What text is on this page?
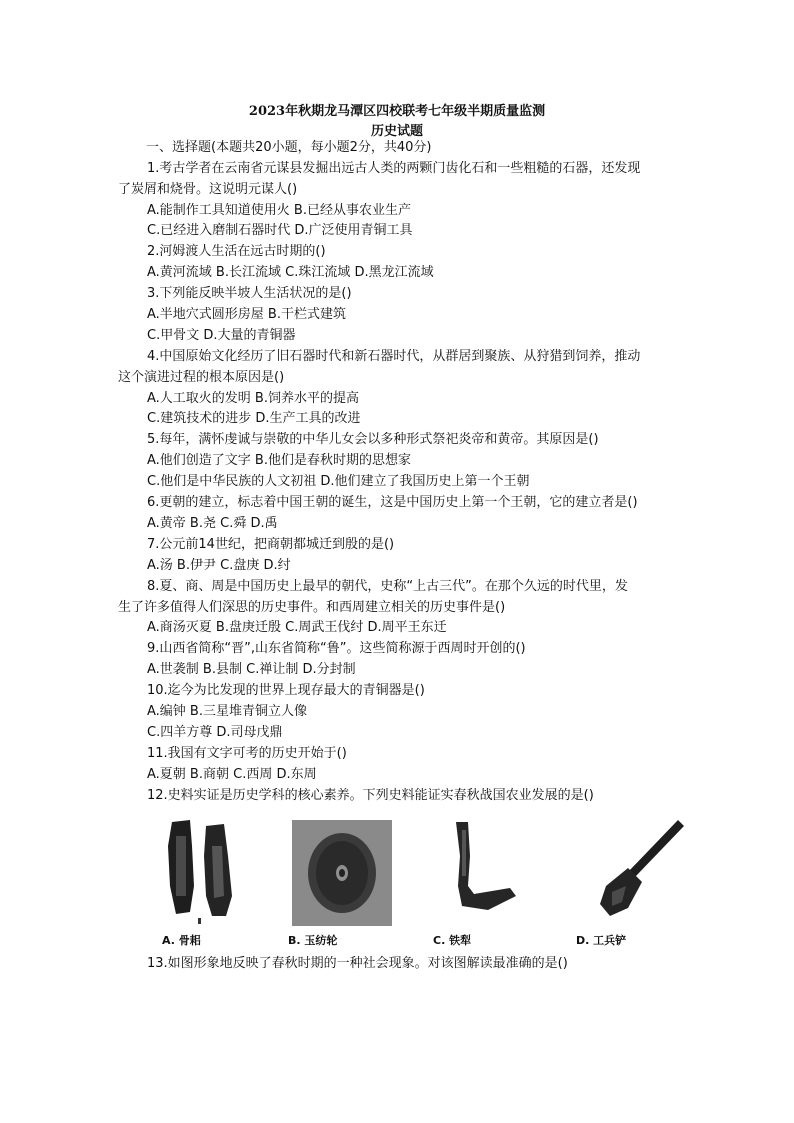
2023年秋期龙马潭区四校联考七年级半期质量监测
历史试题
一、选择题(本题共20小题，每小题2分，共40分)
1.考古学者在云南省元谋县发掘出远古人类的两颗门齿化石和一些粗糙的石器，还发现
了炭屑和烧骨。这说明元谋人()
A.能制作工具知道使用火 B.已经从事农业生产
C.已经进入磨制石器时代 D.广泛使用青铜工具
2.河姆渡人生活在远古时期的()
A.黄河流域 B.长江流域 C.珠江流域 D.黑龙江流域
3.下列能反映半坡人生活状况的是()
A.半地穴式圆形房屋 B.干栏式建筑
C.甲骨文 D.大量的青铜器
4.中国原始文化经历了旧石器时代和新石器时代，从群居到聚族、从狩猎到饲养，推动
这个演进过程的根本原因是()
A.人工取火的发明 B.饲养水平的提高
C.建筑技术的进步 D.生产工具的改进
5.每年，满怀虔诚与崇敬的中华儿女会以多种形式祭祀炎帝和黄帝。其原因是()
A.他们创造了文字 B.他们是春秋时期的思想家
C.他们是中华民族的人文初祖 D.他们建立了我国历史上第一个王朝
6.更朝的建立，标志着中国王朝的诞生，这是中国历史上第一个王朝，它的建立者是()
A.黄帝 B.尧 C.舜 D.禹
7.公元前14世纪，把商朝都城迁到殷的是()
A.汤 B.伊尹 C.盘庚 D.纣
8.夏、商、周是中国历史上最早的朝代，史称“上古三代”。在那个久远的时代里，发
生了许多值得人们深思的历史事件。和西周建立相关的历史事件是()
A.商汤灭夏 B.盘庚迁殷 C.周武王伐纣 D.周平王东迁
9.山西省简称“晋”,山东省简称“鲁”。这些简称源于西周时开创的()
A.世袭制 B.县制 C.禅让制 D.分封制
10.迄今为比发现的世界上现存最大的青铜器是()
A.编钟 B.三星堆青铜立人像
C.四羊方尊 D.司母戊鼎
11.我国有文字可考的历史开始于()
A.夏朝 B.商朝 C.西周 D.东周
12.史料实证是历史学科的核心素养。下列史料能证实春秋战国农业发展的是()
A. 骨耜	B. 玉纺轮	C. 铁犁	D. 工兵铲
13.如图形象地反映了春秋时期的一种社会现象。对该图解读最准确的是()
